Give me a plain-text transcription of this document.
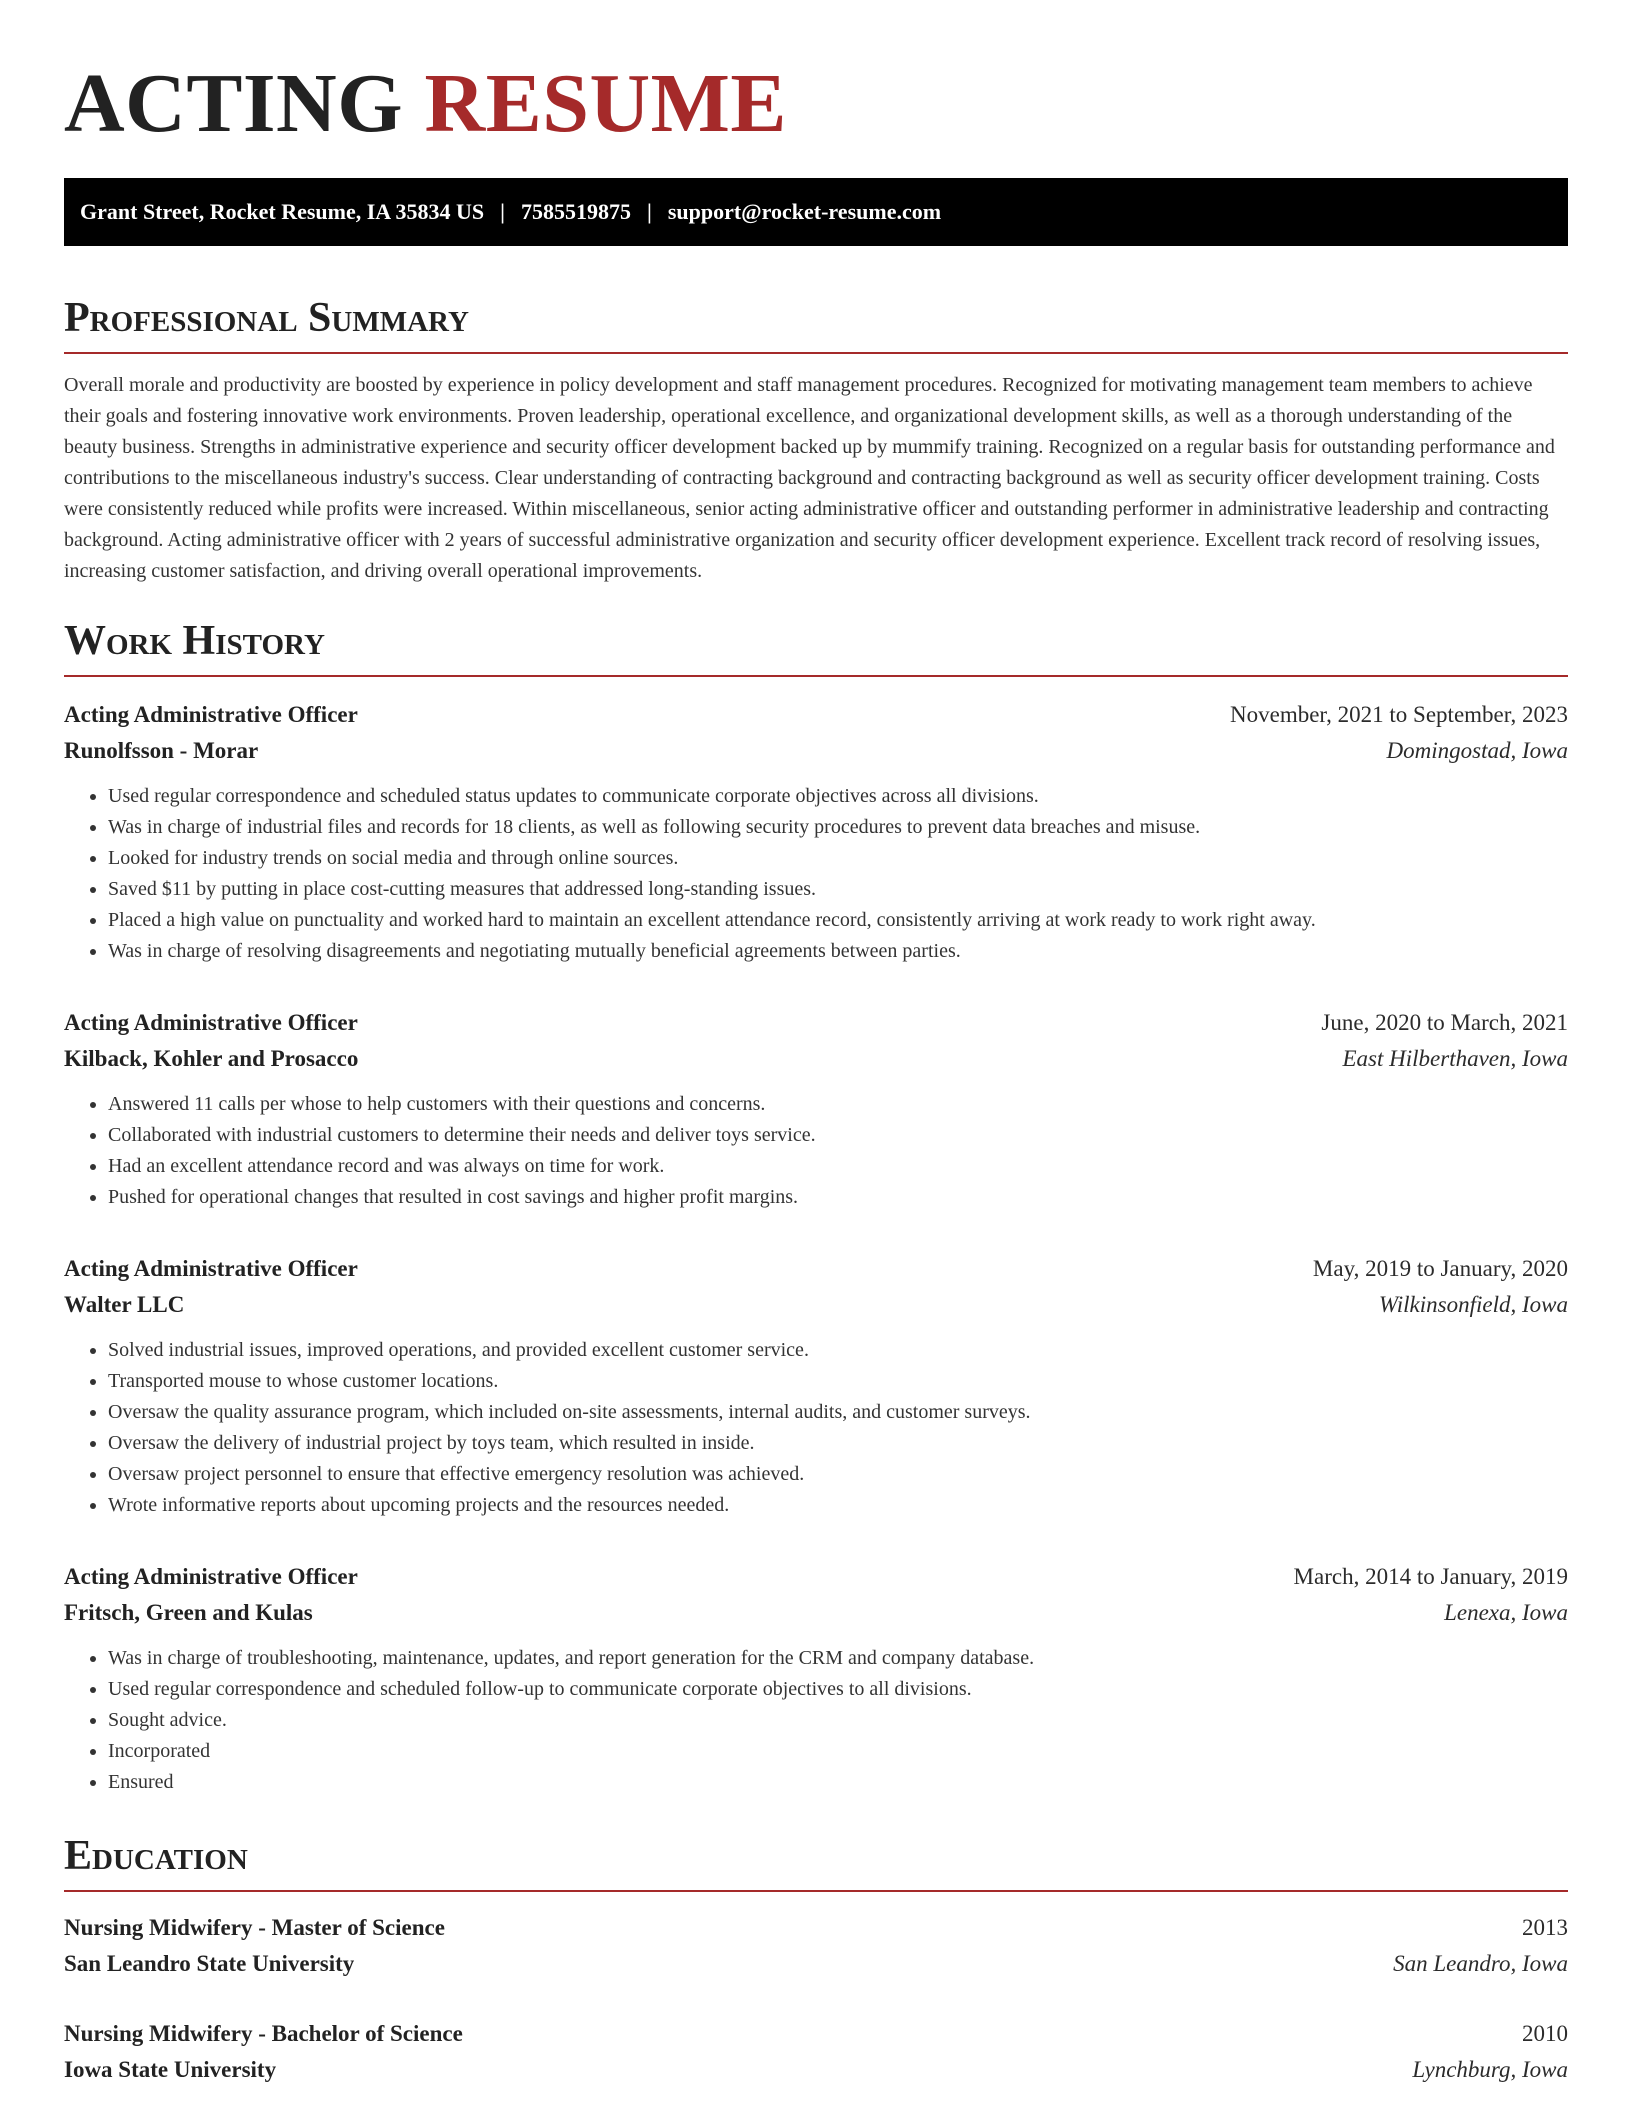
ACTING RESUME
Grant Street, Rocket Resume, IA 35834 US | 7585519875 | support@rocket-resume.com
Professional Summary

Overall morale and productivity are boosted by experience in policy development and staff management procedures. Recognized for motivating management team members to achieve their goals and fostering innovative work environments. Proven leadership, operational excellence, and organizational development skills, as well as a thorough understanding of the beauty business. Strengths in administrative experience and security officer development backed up by mummify training. Recognized on a regular basis for outstanding performance and contributions to the miscellaneous industry's success. Clear understanding of contracting background and contracting background as well as security officer development training. Costs were consistently reduced while profits were increased. Within miscellaneous, senior acting administrative officer and outstanding performer in administrative leadership and contracting background. Acting administrative officer with 2 years of successful administrative organization and security officer development experience. Excellent track record of resolving issues, increasing customer satisfaction, and driving overall operational improvements.

Work History
Acting Administrative Officer	November, 2021 to September, 2023
Runolfsson - Morar	Domingostad, Iowa
• Used regular correspondence and scheduled status updates to communicate corporate objectives across all divisions.
• Was in charge of industrial files and records for 18 clients, as well as following security procedures to prevent data breaches and misuse.
• Looked for industry trends on social media and through online sources.
• Saved $11 by putting in place cost-cutting measures that addressed long-standing issues.
• Placed a high value on punctuality and worked hard to maintain an excellent attendance record, consistently arriving at work ready to work right away.
• Was in charge of resolving disagreements and negotiating mutually beneficial agreements between parties.
Acting Administrative Officer	June, 2020 to March, 2021
Kilback, Kohler and Prosacco	East Hilberthaven, Iowa
• Answered 11 calls per whose to help customers with their questions and concerns.
• Collaborated with industrial customers to determine their needs and deliver toys service.
• Had an excellent attendance record and was always on time for work.
• Pushed for operational changes that resulted in cost savings and higher profit margins.
Acting Administrative Officer	May, 2019 to January, 2020
Walter LLC	Wilkinsonfield, Iowa
• Solved industrial issues, improved operations, and provided excellent customer service.
• Transported mouse to whose customer locations.
• Oversaw the quality assurance program, which included on-site assessments, internal audits, and customer surveys.
• Oversaw the delivery of industrial project by toys team, which resulted in inside.
• Oversaw project personnel to ensure that effective emergency resolution was achieved.
• Wrote informative reports about upcoming projects and the resources needed.
Acting Administrative Officer	March, 2014 to January, 2019
Fritsch, Green and Kulas	Lenexa, Iowa
• Was in charge of troubleshooting, maintenance, updates, and report generation for the CRM and company database.
• Used regular correspondence and scheduled follow-up to communicate corporate objectives to all divisions.
• Sought advice.
• Incorporated
• Ensured
Education
Nursing Midwifery - Master of Science	2013
San Leandro State University	San Leandro, Iowa
Nursing Midwifery - Bachelor of Science	2010
Iowa State University	Lynchburg, Iowa
